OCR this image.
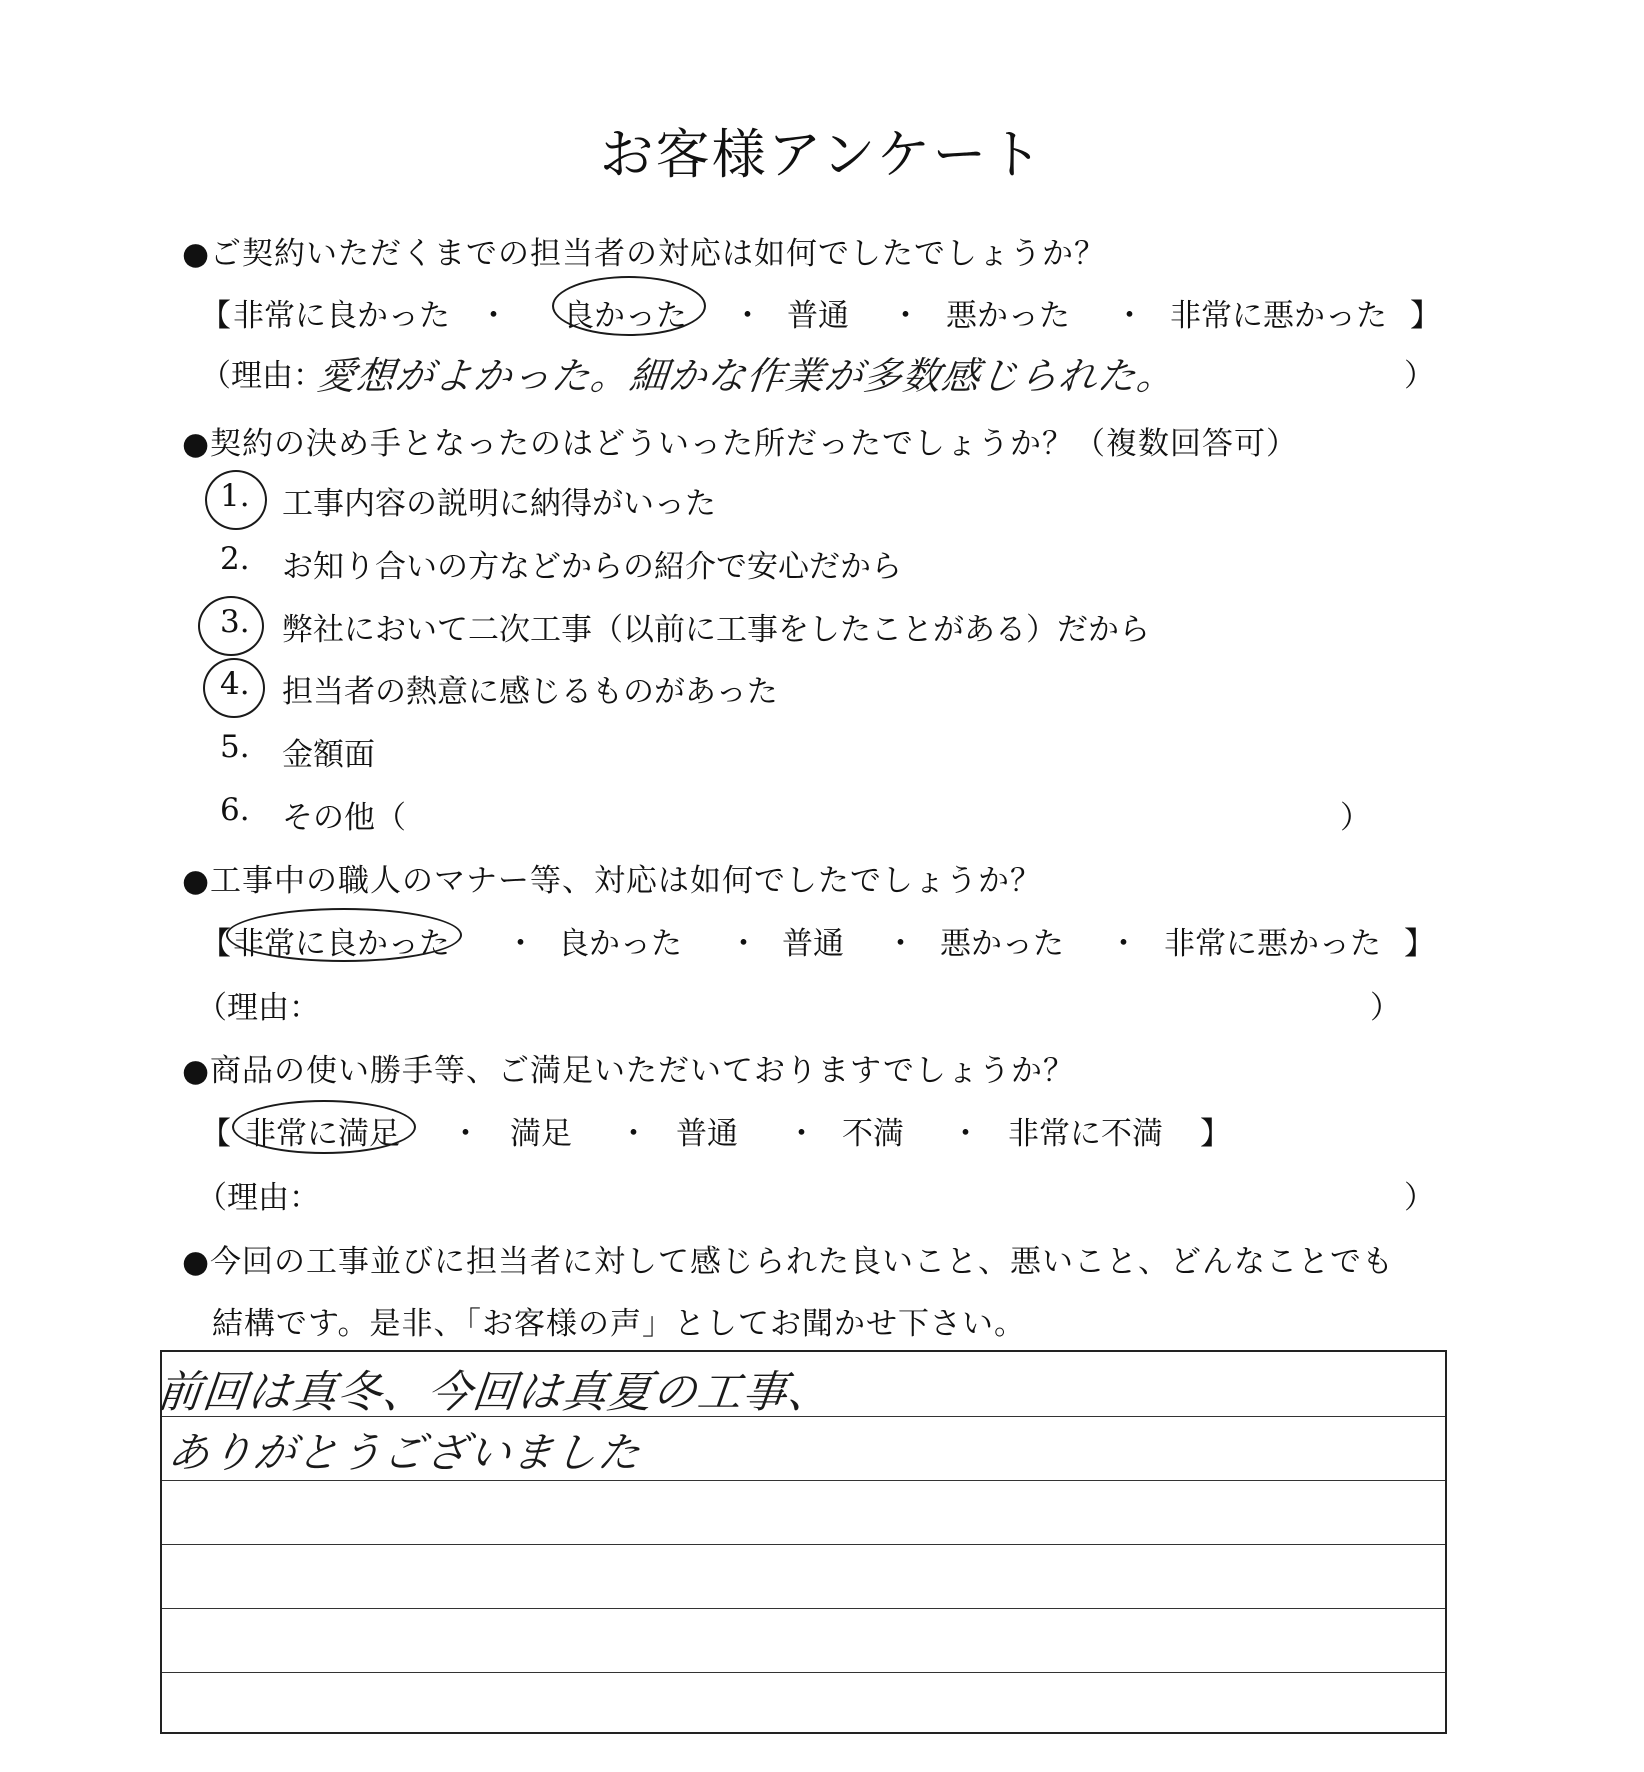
お客様アンケート
●ご契約いただくまでの担当者の対応は如何でしたでしょうか？
【 非常に良かった ・ 良かった ・ 普通 ・ 悪かった ・ 非常に悪かった 】
（理由：
愛想がよかった。細かな作業が多数感じられた。	）
●契約の決め手となったのはどういった所だったでしょうか？（複数回答可）
1. 工事内容の説明に納得がいった
2. お知り合いの方などからの紹介で安心だから
3. 弊社において二次工事（以前に工事をしたことがある）だから
4. 担当者の熱意に感じるものがあった
5. 金額面
6. その他（	）
●工事中の職人のマナー等、対応は如何でしたでしょうか？
【 非常に良かった ・ 良かった ・ 普通 ・ 悪かった ・ 非常に悪かった 】
（理由：	）
●商品の使い勝手等、ご満足いただいておりますでしょうか？
【 非常に満足 ・ 満足 ・ 普通 ・ 不満 ・ 非常に不満 】
（理由：	）
●今回の工事並びに担当者に対して感じられた良いこと、悪いこと、どんなことでも
結構です。是非、「お客様の声」としてお聞かせ下さい。
前回は真冬、今回は真夏の工事、
ありがとうございました
